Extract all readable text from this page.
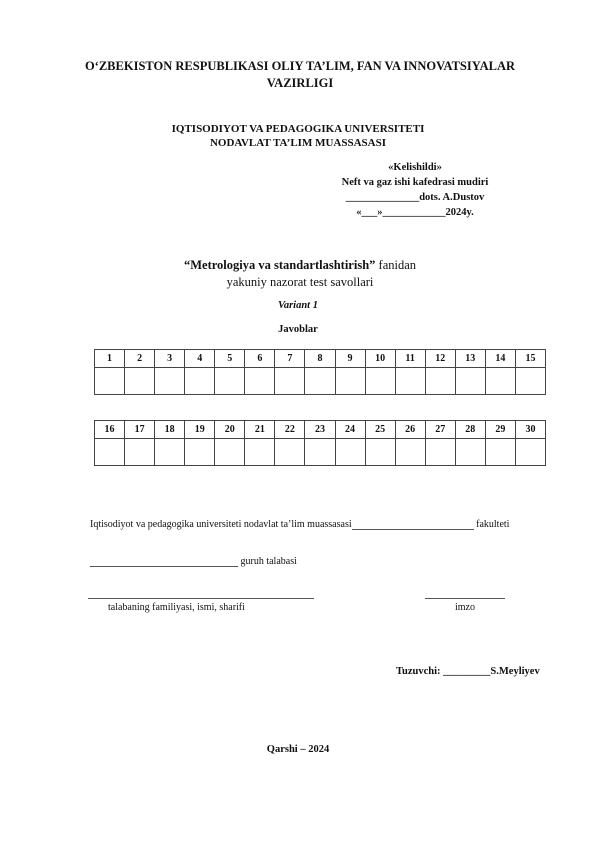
O‘ZBEKISTON RESPUBLIKASI OLIY TA’LIM, FAN VA INNOVATSIYALAR VAZIRLIGI
IQTISODIYOT VA PEDAGOGIKA UNIVERSITETI
NODAVLAT TA’LIM MUASSASASI
«Kelishildi»
Neft va gaz ishi kafedrasi mudiri
______________dots. A.Dustov
«___»____________2024y.
“Metrologiya va standartlashtirish” fanidan
yakuniy nazorat test savollari
Variant 1
Javoblar
1	2	3	4	5	6	7	8	9	10	11	12	13	14	15

16	17	18	19	20	21	22	23	24	25	26	27	28	29	30

Iqtisodiyot va pedagogika universiteti nodavlat ta’lim muassasasi	fakulteti
guruh talabasi
talabaning familiyasi, ismi, sharifi	imzo
Tuzuvchi: _________S.Meyliyev
Qarshi – 2024
